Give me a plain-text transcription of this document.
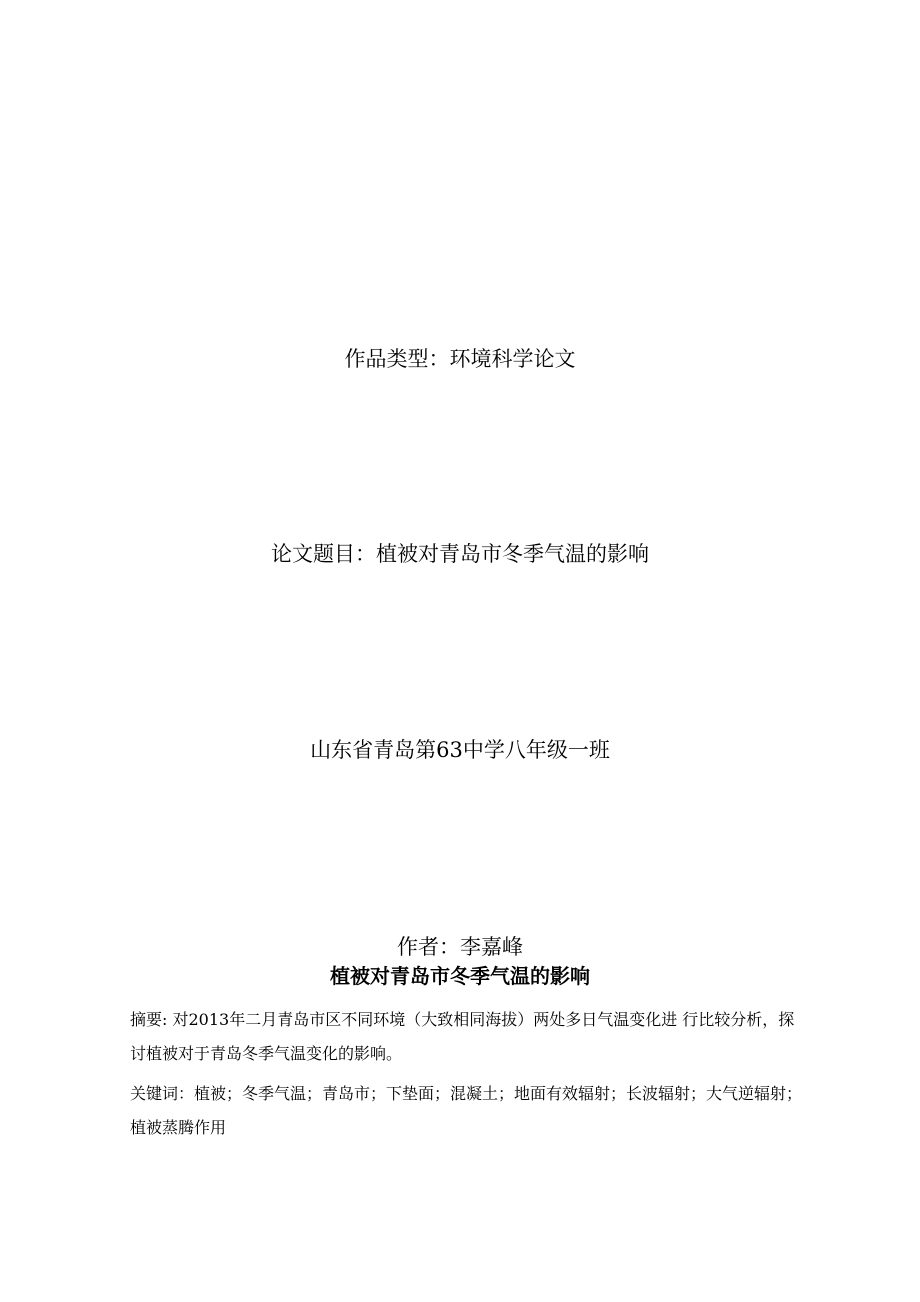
作品类型：环境科学论文
论文题目：植被对青岛市冬季气温的影响
山东省青岛第63中学八年级一班
作者：李嘉峰
植被对青岛市冬季气温的影响
摘要: 对2013年二月青岛市区不同环境（大致相同海拔）两处多日气温变化进 行比较分析，探讨植被对于青岛冬季气温变化的影响。
关键词：植被；冬季气温；青岛市；下垫面；混凝土；地面有效辐射；长波辐射；大气逆辐射；植被蒸腾作用
